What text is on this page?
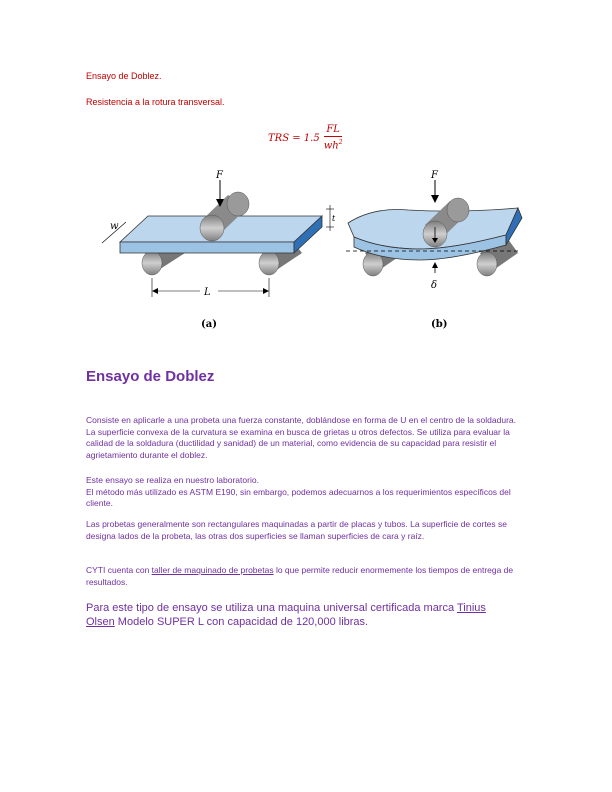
Ensayo de Doblez.
Resistencia a la rotura transversal.
TRS = $1.5 \frac{FL}{wh^2}$
F
w
t
L
(a)
F
δ
(b)
Ensayo de Doblez
Consiste en aplicarle a una probeta una fuerza constante, doblándose en forma de U en el centro de la soldadura. La superficie convexa de la curvatura se examina en busca de grietas u otros defectos. Se utiliza para evaluar la calidad de la soldadura (ductilidad y sanidad) de un material, como evidencia de su capacidad para resistir el agrietamiento durante el doblez.
Este ensayo se realiza en nuestro laboratorio.
El método más utilizado es ASTM E190, sin embargo, podemos adecuarnos a los requerimientos específicos del cliente.
Las probetas generalmente son rectangulares maquinadas a partir de placas y tubos. La superficie de cortes se designa lados de la probeta, las otras dos superficies se llaman superficies de cara y raíz.
CYTI cuenta con taller de maquinado de probetas lo que permite reducir enormemente los tiempos de entrega de resultados.
Para este tipo de ensayo se utiliza una maquina universal certificada marca Tinius Olsen Modelo SUPER L con capacidad de 120,000 libras.
